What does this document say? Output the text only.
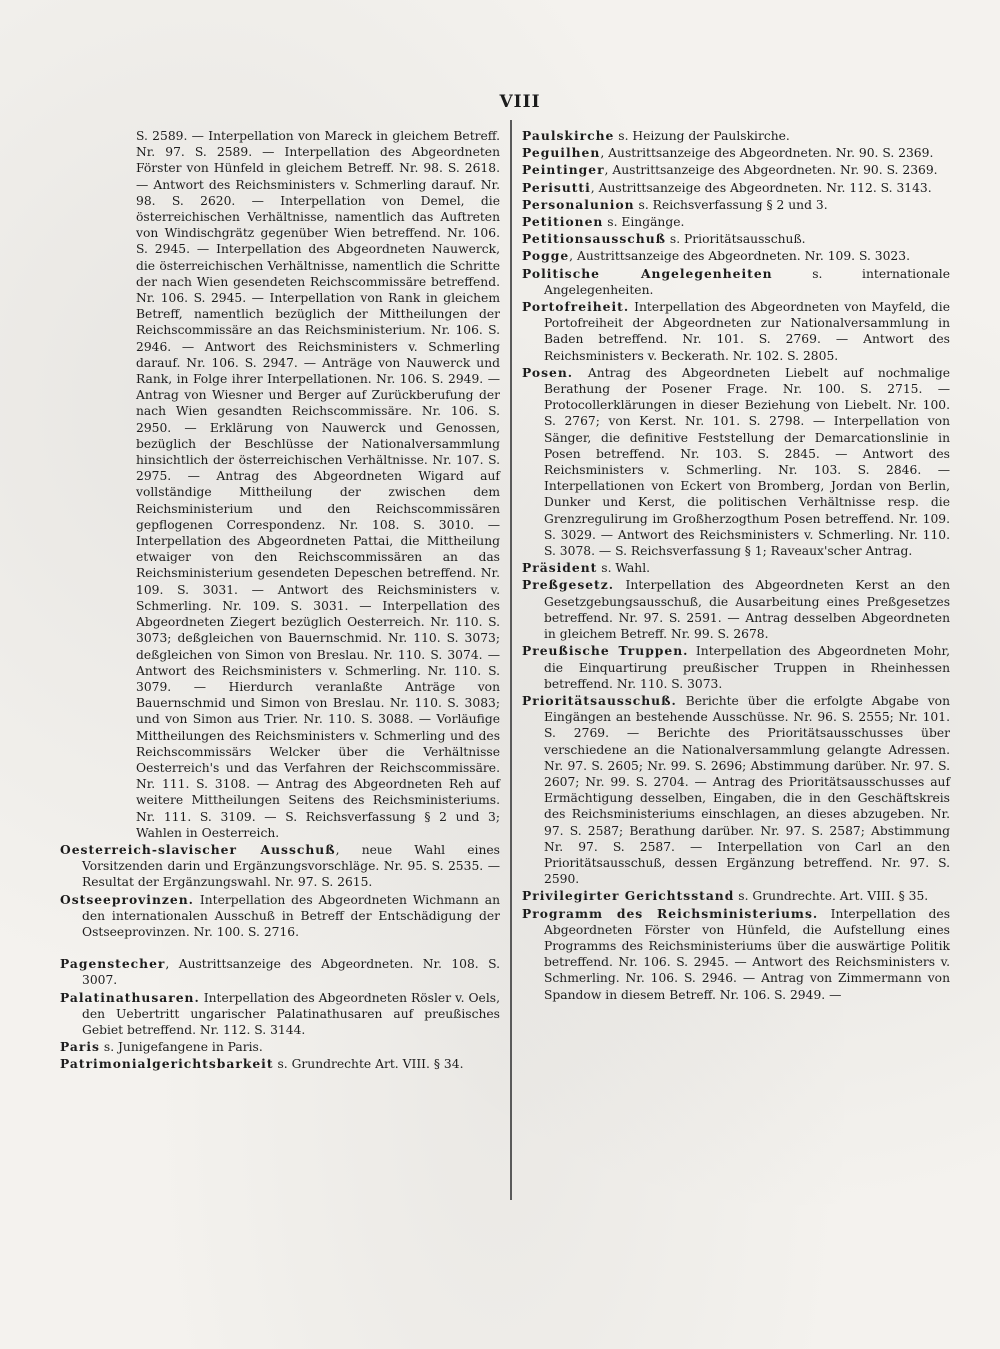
VIII

S. 2589. — Interpellation von Mareck in gleichem Betreff. Nr. 97. S. 2589. — Interpellation des Abgeordneten Förster von Hünfeld in gleichem Betreff. Nr. 98. S. 2618. — Antwort des Reichsministers v. Schmerling darauf. Nr. 98. S. 2620. — Interpellation von Demel, die österreichischen Verhältnisse, namentlich das Auftreten von Windischgrätz gegenüber Wien betreffend. Nr. 106. S. 2945. — Interpellation des Abgeordneten Nauwerck, die österreichischen Verhältnisse, namentlich die Schritte der nach Wien gesendeten Reichscommissäre betreffend. Nr. 106. S. 2945. — Interpellation von Rank in gleichem Betreff, namentlich bezüglich der Mittheilungen der Reichscommissäre an das Reichsministerium. Nr. 106. S. 2946. — Antwort des Reichsministers v. Schmerling darauf. Nr. 106. S. 2947. — Anträge von Nauwerck und Rank, in Folge ihrer Interpellationen. Nr. 106. S. 2949. — Antrag von Wiesner und Berger auf Zurückberufung der nach Wien gesandten Reichscommissäre. Nr. 106. S. 2950. — Erklärung von Nauwerck und Genossen, bezüglich der Beschlüsse der Nationalversammlung hinsichtlich der österreichischen Verhältnisse. Nr. 107. S. 2975. — Antrag des Abgeordneten Wigard auf vollständige Mittheilung der zwischen dem Reichsministerium und den Reichscommissären gepflogenen Correspondenz. Nr. 108. S. 3010. — Interpellation des Abgeordneten Pattai, die Mittheilung etwaiger von den Reichscommissären an das Reichsministerium gesendeten Depeschen betreffend. Nr. 109. S. 3031. — Antwort des Reichsministers v. Schmerling. Nr. 109. S. 3031. — Interpellation des Abgeordneten Ziegert bezüglich Oesterreich. Nr. 110. S. 3073; deßgleichen von Bauernschmid. Nr. 110. S. 3073; deßgleichen von Simon von Breslau. Nr. 110. S. 3074. — Antwort des Reichsministers v. Schmerling. Nr. 110. S. 3079. — Hierdurch veranlaßte Anträge von Bauernschmid und Simon von Breslau. Nr. 110. S. 3083; und von Simon aus Trier. Nr. 110. S. 3088. — Vorläufige Mittheilungen des Reichsministers v. Schmerling und des Reichscommissärs Welcker über die Verhältnisse Oesterreich's und das Verfahren der Reichscommissäre. Nr. 111. S. 3108. — Antrag des Abgeordneten Reh auf weitere Mittheilungen Seitens des Reichsministeriums. Nr. 111. S. 3109. — S. Reichsverfassung § 2 und 3; Wahlen in Oesterreich.

Oesterreich-slavischer Ausschuß, neue Wahl eines Vorsitzenden darin und Ergänzungsvorschläge. Nr. 95. S. 2535. — Resultat der Ergänzungswahl. Nr. 97. S. 2615.

Ostseeprovinzen. Interpellation des Abgeordneten Wichmann an den internationalen Ausschuß in Betreff der Entschädigung der Ostseeprovinzen. Nr. 100. S. 2716.

Pagenstecher, Austrittsanzeige des Abgeordneten. Nr. 108. S. 3007.

Palatinathusaren. Interpellation des Abgeordneten Rösler v. Oels, den Uebertritt ungarischer Palatinathusaren auf preußisches Gebiet betreffend. Nr. 112. S. 3144.

Paris s. Junigefangene in Paris.

Patrimonialgerichtsbarkeit s. Grundrechte Art. VIII. § 34.

Paulskirche s. Heizung der Paulskirche.

Peguilhen, Austrittsanzeige des Abgeordneten. Nr. 90. S. 2369.

Peintinger, Austrittsanzeige des Abgeordneten. Nr. 90. S. 2369.

Perisutti, Austrittsanzeige des Abgeordneten. Nr. 112. S. 3143.

Personalunion s. Reichsverfassung § 2 und 3.

Petitionen s. Eingänge.

Petitionsausschuß s. Prioritätsausschuß.

Pogge, Austrittsanzeige des Abgeordneten. Nr. 109. S. 3023.

Politische Angelegenheiten s. internationale Angelegenheiten.

Portofreiheit. Interpellation des Abgeordneten von Mayfeld, die Portofreiheit der Abgeordneten zur Nationalversammlung in Baden betreffend. Nr. 101. S. 2769. — Antwort des Reichsministers v. Beckerath. Nr. 102. S. 2805.

Posen. Antrag des Abgeordneten Liebelt auf nochmalige Berathung der Posener Frage. Nr. 100. S. 2715. — Protocollerklärungen in dieser Beziehung von Liebelt. Nr. 100. S. 2767; von Kerst. Nr. 101. S. 2798. — Interpellation von Sänger, die definitive Feststellung der Demarcationslinie in Posen betreffend. Nr. 103. S. 2845. — Antwort des Reichsministers v. Schmerling. Nr. 103. S. 2846. — Interpellationen von Eckert von Bromberg, Jordan von Berlin, Dunker und Kerst, die politischen Verhältnisse resp. die Grenzregulirung im Großherzogthum Posen betreffend. Nr. 109. S. 3029. — Antwort des Reichsministers v. Schmerling. Nr. 110. S. 3078. — S. Reichsverfassung § 1; Raveaux'scher Antrag.

Präsident s. Wahl.

Preßgesetz. Interpellation des Abgeordneten Kerst an den Gesetzgebungsausschuß, die Ausarbeitung eines Preßgesetzes betreffend. Nr. 97. S. 2591. — Antrag desselben Abgeordneten in gleichem Betreff. Nr. 99. S. 2678.

Preußische Truppen. Interpellation des Abgeordneten Mohr, die Einquartirung preußischer Truppen in Rheinhessen betreffend. Nr. 110. S. 3073.

Prioritätsausschuß. Berichte über die erfolgte Abgabe von Eingängen an bestehende Ausschüsse. Nr. 96. S. 2555; Nr. 101. S. 2769. — Berichte des Prioritätsausschusses über verschiedene an die Nationalversammlung gelangte Adressen. Nr. 97. S. 2605; Nr. 99. S. 2696; Abstimmung darüber. Nr. 97. S. 2607; Nr. 99. S. 2704. — Antrag des Prioritätsausschusses auf Ermächtigung desselben, Eingaben, die in den Geschäftskreis des Reichsministeriums einschlagen, an dieses abzugeben. Nr. 97. S. 2587; Berathung darüber. Nr. 97. S. 2587; Abstimmung Nr. 97. S. 2587. — Interpellation von Carl an den Prioritätsausschuß, dessen Ergänzung betreffend. Nr. 97. S. 2590.

Privilegirter Gerichtsstand s. Grundrechte. Art. VIII. § 35.

Programm des Reichsministeriums. Interpellation des Abgeordneten Förster von Hünfeld, die Aufstellung eines Programms des Reichsministeriums über die auswärtige Politik betreffend. Nr. 106. S. 2945. — Antwort des Reichsministers v. Schmerling. Nr. 106. S. 2946. — Antrag von Zimmermann von Spandow in diesem Betreff. Nr. 106. S. 2949. —
